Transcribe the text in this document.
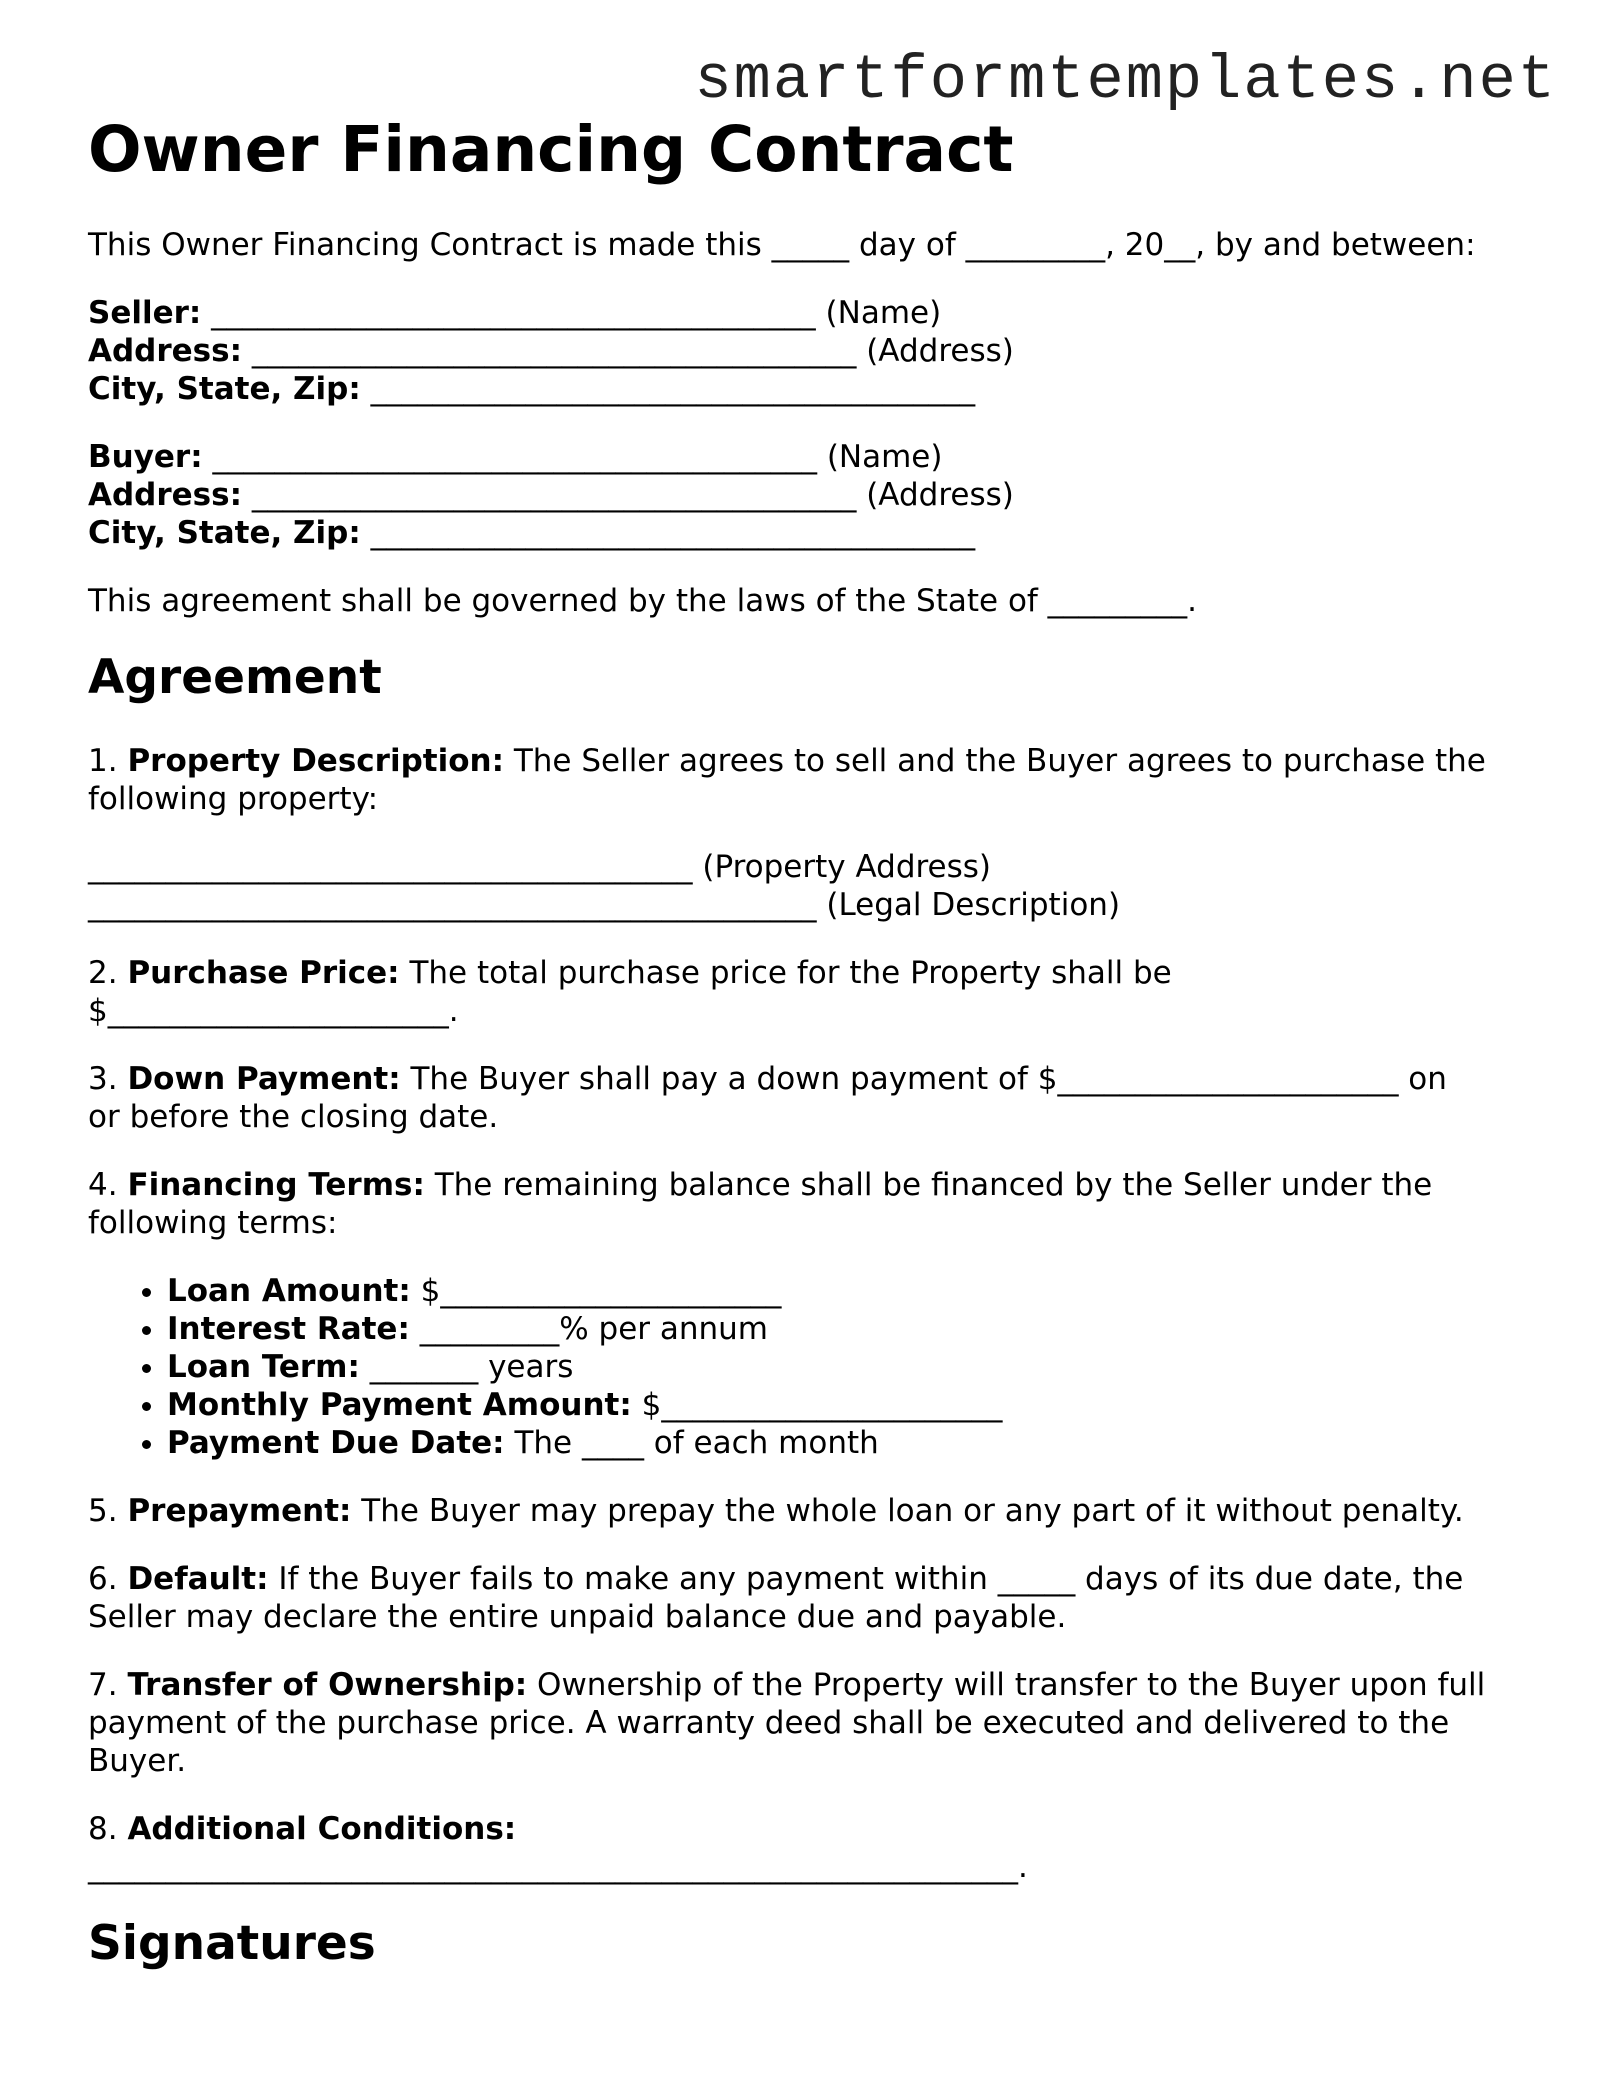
smartformtemplates.net
Owner Financing Contract
This Owner Financing Contract is made this _____ day of _________, 20__, by and between:
Seller: _______________________________________ (Name)
Address: _______________________________________ (Address)
City, State, Zip: _______________________________________
Buyer: _______________________________________ (Name)
Address: _______________________________________ (Address)
City, State, Zip: _______________________________________
This agreement shall be governed by the laws of the State of _________.
Agreement
1. Property Description: The Seller agrees to sell and the Buyer agrees to purchase the
following property:
_______________________________________ (Property Address)
_______________________________________________ (Legal Description)
2. Purchase Price: The total purchase price for the Property shall be
$______________________.
3. Down Payment: The Buyer shall pay a down payment of $______________________ on
or before the closing date.
4. Financing Terms: The remaining balance shall be financed by the Seller under the
following terms:
• Loan Amount: $______________________
• Interest Rate: _________% per annum
• Loan Term: _______ years
• Monthly Payment Amount: $______________________
• Payment Due Date: The ____ of each month
5. Prepayment: The Buyer may prepay the whole loan or any part of it without penalty.
6. Default: If the Buyer fails to make any payment within _____ days of its due date, the
Seller may declare the entire unpaid balance due and payable.
7. Transfer of Ownership: Ownership of the Property will transfer to the Buyer upon full
payment of the purchase price. A warranty deed shall be executed and delivered to the
Buyer.
8. Additional Conditions:
____________________________________________________________.
Signatures
